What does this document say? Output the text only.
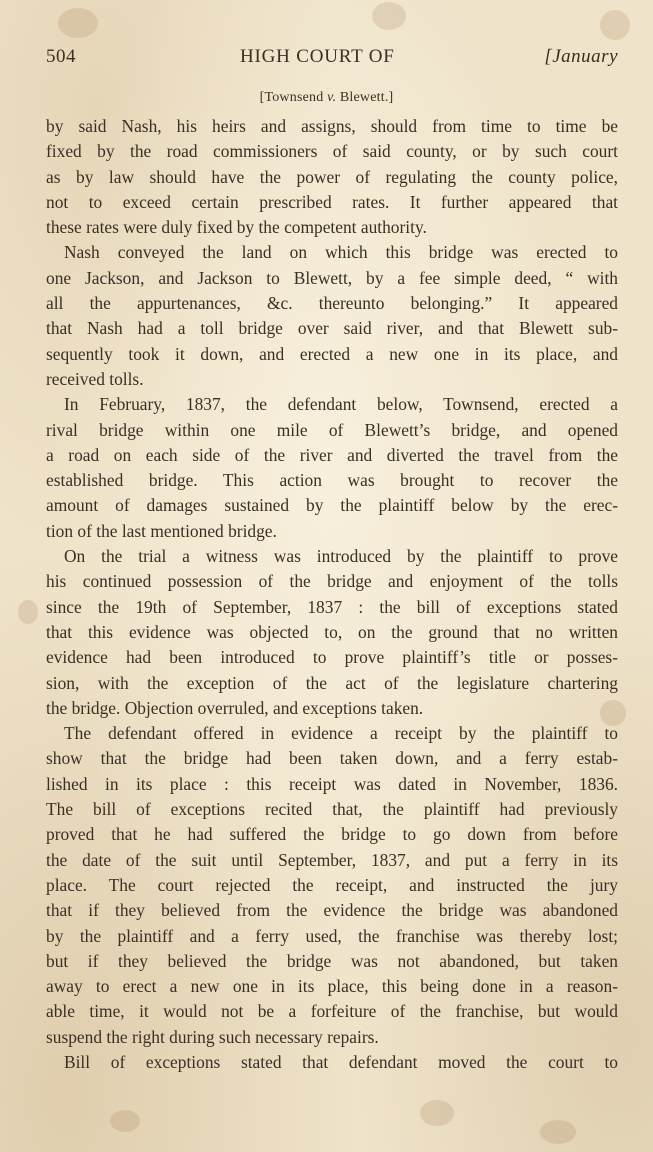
504	HIGH COURT OF	[January
[Townsend v. Blewett.]
by said Nash, his heirs and assigns, should from time to time be
fixed by the road commissioners of said county, or by such court
as by law should have the power of regulating the county police,
not to exceed certain prescribed rates. It further appeared that
these rates were duly fixed by the competent authority.
Nash conveyed the land on which this bridge was erected to
one Jackson, and Jackson to Blewett, by a fee simple deed, “ with
all the appurtenances, &c. thereunto belonging.” It appeared
that Nash had a toll bridge over said river, and that Blewett sub-
sequently took it down, and erected a new one in its place, and
received tolls.
In February, 1837, the defendant below, Townsend, erected a
rival bridge within one mile of Blewett’s bridge, and opened
a road on each side of the river and diverted the travel from the
established bridge. This action was brought to recover the
amount of damages sustained by the plaintiff below by the erec-
tion of the last mentioned bridge.
On the trial a witness was introduced by the plaintiff to prove
his continued possession of the bridge and enjoyment of the tolls
since the 19th of September, 1837 : the bill of exceptions stated
that this evidence was objected to, on the ground that no written
evidence had been introduced to prove plaintiff’s title or posses-
sion, with the exception of the act of the legislature chartering
the bridge. Objection overruled, and exceptions taken.
The defendant offered in evidence a receipt by the plaintiff to
show that the bridge had been taken down, and a ferry estab-
lished in its place : this receipt was dated in November, 1836.
The bill of exceptions recited that, the plaintiff had previously
proved that he had suffered the bridge to go down from before
the date of the suit until September, 1837, and put a ferry in its
place. The court rejected the receipt, and instructed the jury
that if they believed from the evidence the bridge was abandoned
by the plaintiff and a ferry used, the franchise was thereby lost;
but if they believed the bridge was not abandoned, but taken
away to erect a new one in its place, this being done in a reason-
able time, it would not be a forfeiture of the franchise, but would
suspend the right during such necessary repairs.
Bill of exceptions stated that defendant moved the court to
